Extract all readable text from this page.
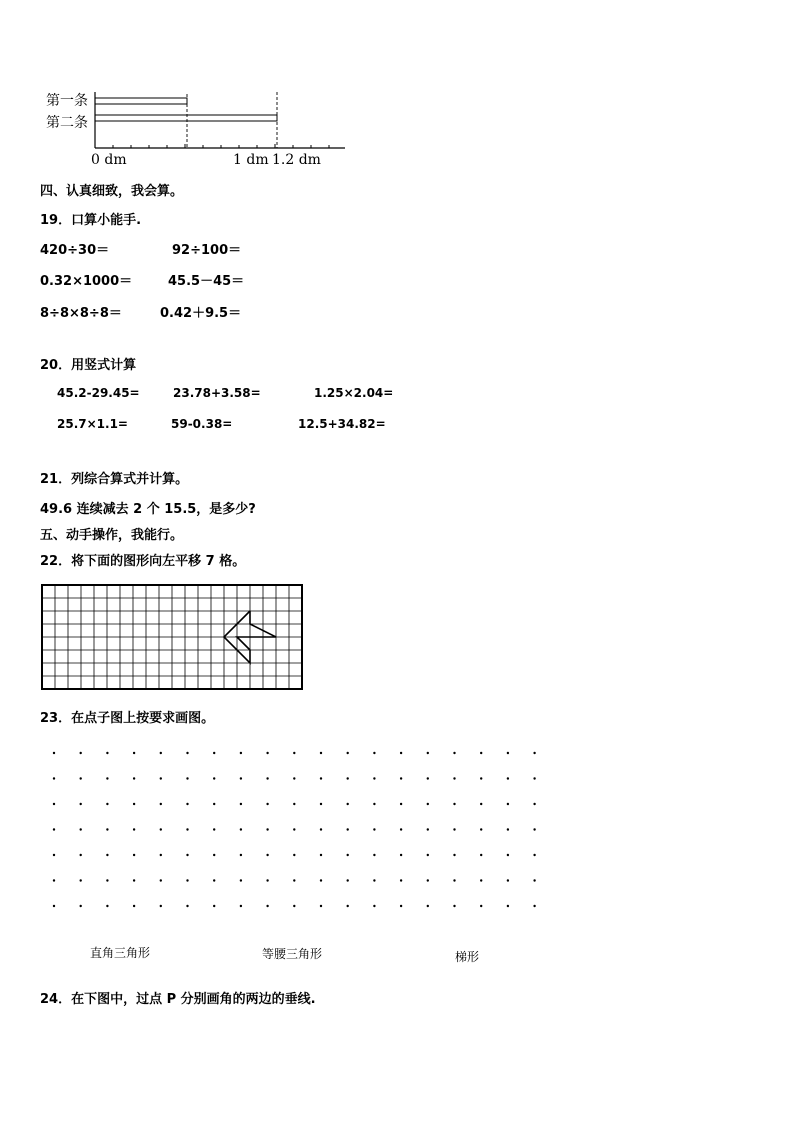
第一条
第二条
0 dm	1 dm 1.2 dm
四、认真细致，我会算。
19．口算小能手.
420÷30＝	92÷100＝
0.32×1000＝	45.5－45＝
8÷8×8÷8＝	0.42＋9.5＝
20．用竖式计算
45.2-29.45=	23.78+3.58=	1.25×2.04=
25.7×1.1=	59-0.38=	12.5+34.82=
21．列综合算式并计算。
49.6 连续减去 2 个 15.5，是多少?
五、动手操作，我能行。
22．将下面的图形向左平移 7 格。
23．在点子图上按要求画图。
直角三角形	等腰三角形	梯形
24．在下图中，过点 P 分别画角的两边的垂线.
